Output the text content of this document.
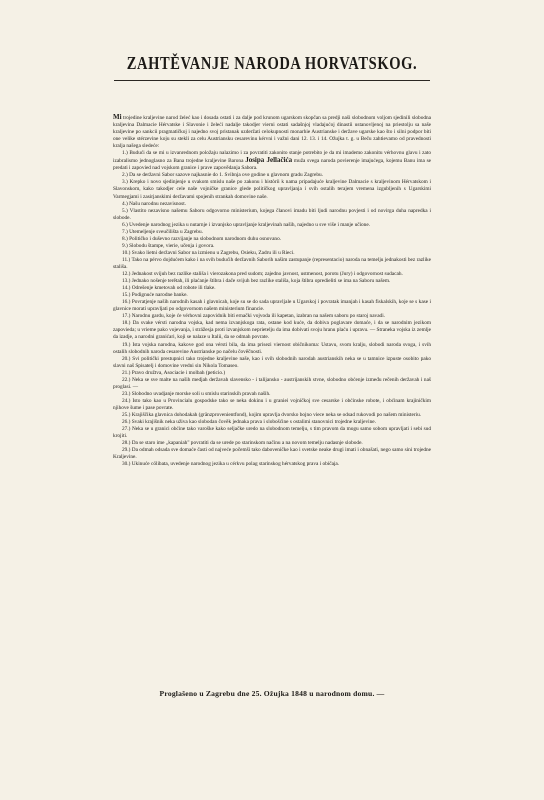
ZAHTĚVANJE NARODA HORVATSKOG.

Mi trojedine kraljevine narod želeć kao i dosada ostati i za dalje pod krunom ugarskom skopčan sa predji naši slobodnom voljom sjedinili slobodna kraljevina Dalmacie Hérvatske i Slavonie i želeći nadalje takodjer vierni ostati sadašnjoj vladajućoj dinastii ustanovljenoj na priestolju sa naše kraljevine po sankcii pragmatičkoj i najedno svoj pristanak uzderžati celokupnosti monarhie Austrianske i deržave ugarske kao što i silni podpor biti one velike stérzevine koju su stekli za celu Austriansku cesarevinu kérvni i važni dani 12. 13. i 14. Ožujka t. g. u Beču zahtievamo od pravednosti kralja našega sledeće:

1.) Budući da se mi u izvanrednom položaju nalazimo i za povratiti zakonito stanje potrebito je da mi imademo zakonitu vérhovnu glavu i zato izabralismo jednoglasno za Bana trojedne kraljevine Barona Josipa Jellačića muža svega naroda povierenje imajućega, kojemu Banu ima se predati i zapovied nad vojskom granice i prave zapovědanja Sabora.

2.) Da se deržavni Sabor sazove najkasnie do 1. Svibnja ove godine u glavnom gradu Zagrebu.

3.) Krepko i novo sjedinjenje u svakom smislu naše po zakonu i històrii k nama pripadajuće kraljevine Dalmacie s kraljevinom Hérvatskom i Slavonskom, kako takodjer cele naše vojničke granice glede političkog upravljanja i svih ostalih terajem vremena izgubljenih s Ugarskimi Varmegjami i zasirjanskimi deržavami spojenih strankah domovine naše.

4.) Našu narodnu nezavisnost.

5.) Vlastito nezavisno našemu Saboru odgovorno ministerium, kojega članovi imadu biti ljudi narodnu povjesti i od novirga duha napredka i slobode.

6.) Uvedenje narodnog jezika u nutarnje i izvanjsko upravljanje kraljevinah naših, najedno u sve više i manje učione.

7.) Utemeljenje sveučilišta u Zagrebu.

8.) Političko i duševno razvijanje na slobodnom narodnom duhu osnovano.

9.) Slobodu štampe, vierie, učenja i govora.

10.) Svako lietni deržavni Sabor na izmienu u Zagrebu, Osieku, Zadru ili u Rieci.

11.) Tako na pérvo dojdućem kako i na svih budućih deržavnih Saborih našim zastupanje (representacio) naroda na temelju jednakosti bez razlike stališa.

12.) Jednakost svijuh bez razlike stališa i vierozakona pred sudom; zajedno javnost, ustmenost, porotu (Jury) i odgovornost sudacah.

13.) Jednako nošenje terětah, ili plaćanje štibra i dače svijuh bez razlike stališa, koja štibra opredieliti se ima na Saboru našem.

14.) Odrešenje kmetovah od robote ili tlake.

15.) Podignuće narodne banke.

16.) Povratjenje naših narodnih kasah i glavnicah, koje su se do sada upravljale u Ugarskoj i povratak imanjah i kasah fiskalskih, koje se s kase i glavnice morati upravljati po odgovornom našem ministerium financie.

17.) Narodnu gardu, koje će vérhovni zapovidnik biti ernački vojvoda ili kapetan, izabran na našem saboru po staroj navadi.

18.) Da svake vérsti narodna vojska, kad nema izvanjskoga rata, ostane kod kuće, da dobiva poglavare domaće, i da se narodnim jezikom zapovieda; u vrieme pako vojevanja, i strážesja proti izvanjskom neprietelju da ima dobivati svoju hranu plaću i upravu. — Straneka vojska iz zemlje da izadje, a narodni granićari, koji se nalaze u Italii, da se odmah povrate.

19.) Ista vojska narodna, kakove god ona vérsti bila, da ima prisezi viernost običnikoma: Ustavu, svom kralju, slobodi naroda svoga, i svih ostalih slobodnih naroda cesarevine Austrianske po načelu čověčnosti.

20.) Svi politički prestupnici tako trojedne kraljevine naše, kao i svih slobodnih narodah austrianskih neka se u tamnice izpuste osobito pako slavni naš Spisatelj i domovine vredni sin Nikola Tomaseo.

21.) Pravo družtva, Asociacie i molbah (peticio.)

22.) Neka se sve malte na naših medjah deržavah slavensko - i talijansko - austrijanskih stvne, slobodno obćenje između rečenih deržavah i naš proglasi. —

23.) Slobodno uvadjanje morske soli u smislu starinskih pravah naših.

24.) Isto tako kao u Provincialu gospodske tako se neka dokinu i u graniei vojničkoj sve cesarske i obćinske robote, i obćinam krajiničkim njihove šume i pase povrate.

25.) Krajiščika glavnica dohodakah (gränzprovenientfond), kojim upravlja dvorsko bojno viece neka se odsad rukovodi po našem ministeriu.

26.) Svaki krajišnik neka uživa kao slobodan čověk jednaka prava i slobošćine s ostalimi stanovnici trojedne kraljevine.

27.) Neka se u granici obćine tako varoške kako seljačke uredo na slobodnom temelju, s tim pravom da mogu samo sobom upravljati i sebi sud krojiti.

28.) Da se staro ime „kapaniah" povratiti da se urede po starinskom načinu a na novom temelju nadasnje slobode.

29.) Da odmah odsada sve domaće časti od najveće počemši tako daboveničke kao i svetske neake drugi imati i obnašati, nego samo sini trojedne Kraljevine.

30.) Ukinuće cölibata, uvedenje narodnog jezika u cérkvu polag starinskog hérvatskog prava i običaja.

Proglašeno u Zagrebu dne 25. Ožujka 1848 u narodnom domu. —
